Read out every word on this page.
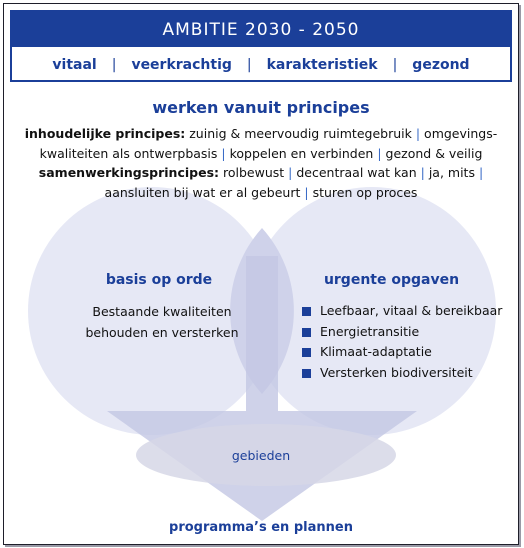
AMBITIE 2030 - 2050
vitaal | veerkrachtig | karakteristiek | gezond
werken vanuit principes
inhoudelijke principes: zuinig & meervoudig ruimtegebruik | omgevings-
kwaliteiten als ontwerpbasis | koppelen en verbinden | gezond & veilig
samenwerkingsprincipes: rolbewust | decentraal wat kan | ja, mits |
aansluiten bij wat er al gebeurt | sturen op proces
basis op orde
Bestaande kwaliteiten
behouden en versterken
urgente opgaven
Leefbaar, vitaal & bereikbaar
Energietransitie
Klimaat-adaptatie
Versterken biodiversiteit
gebieden
programma’s en plannen
